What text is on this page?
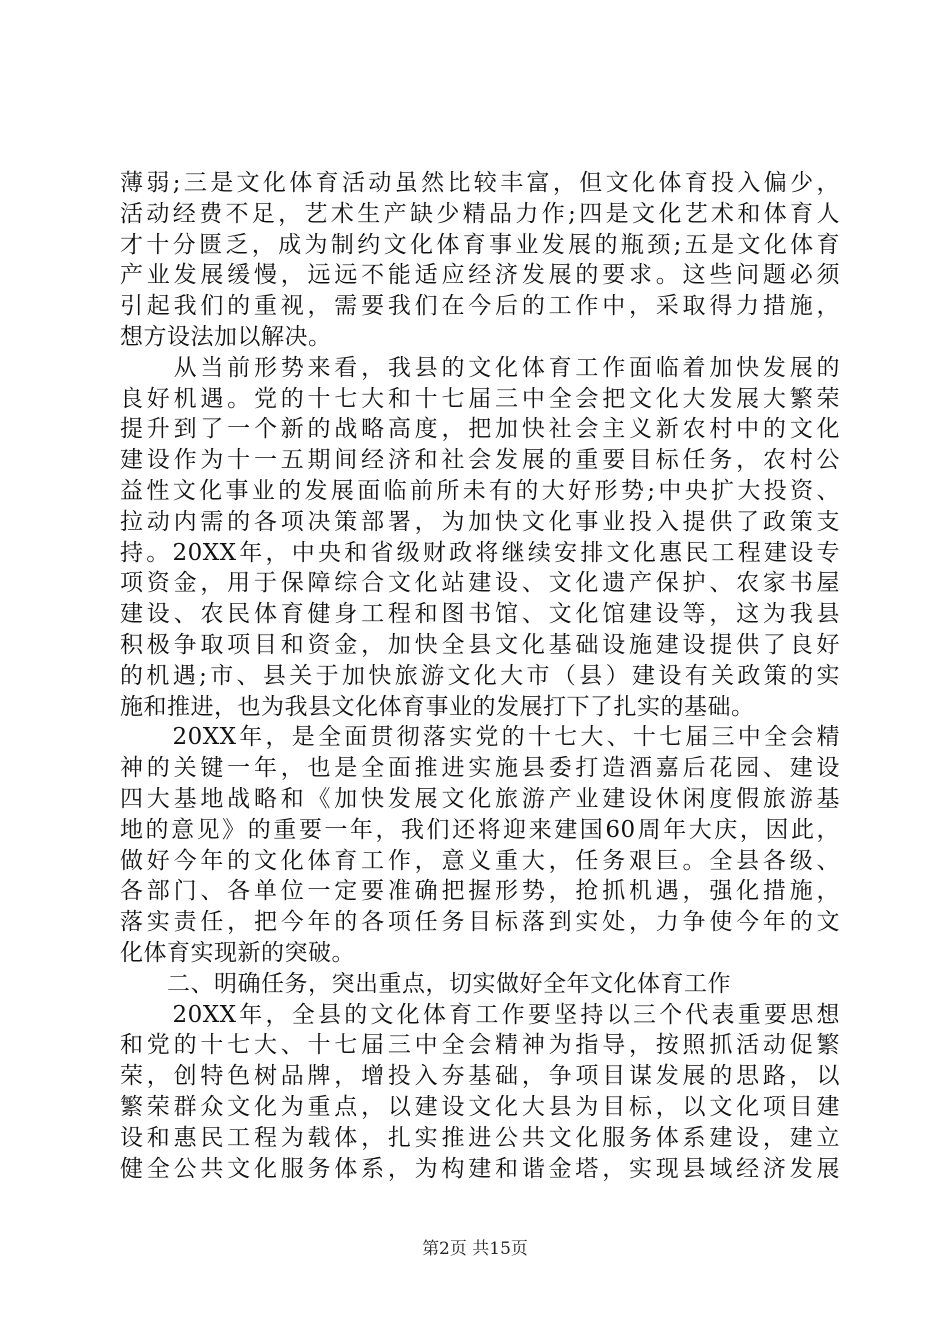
薄弱;三是文化体育活动虽然比较丰富，但文化体育投入偏少，
活动经费不足，艺术生产缺少精品力作;四是文化艺术和体育人
才十分匮乏，成为制约文化体育事业发展的瓶颈;五是文化体育
产业发展缓慢，远远不能适应经济发展的要求。这些问题必须
引起我们的重视，需要我们在今后的工作中，采取得力措施，
想方设法加以解决。
　　从当前形势来看，我县的文化体育工作面临着加快发展的
良好机遇。党的十七大和十七届三中全会把文化大发展大繁荣
提升到了一个新的战略高度，把加快社会主义新农村中的文化
建设作为十一五期间经济和社会发展的重要目标任务，农村公
益性文化事业的发展面临前所未有的大好形势;中央扩大投资、
拉动内需的各项决策部署，为加快文化事业投入提供了政策支
持。20XX年，中央和省级财政将继续安排文化惠民工程建设专
项资金，用于保障综合文化站建设、文化遗产保护、农家书屋
建设、农民体育健身工程和图书馆、文化馆建设等，这为我县
积极争取项目和资金，加快全县文化基础设施建设提供了良好
的机遇;市、县关于加快旅游文化大市（县）建设有关政策的实
施和推进，也为我县文化体育事业的发展打下了扎实的基础。
　　20XX年，是全面贯彻落实党的十七大、十七届三中全会精
神的关键一年，也是全面推进实施县委打造酒嘉后花园、建设
四大基地战略和《加快发展文化旅游产业建设休闲度假旅游基
地的意见》的重要一年，我们还将迎来建国60周年大庆，因此，
做好今年的文化体育工作，意义重大，任务艰巨。全县各级、
各部门、各单位一定要准确把握形势，抢抓机遇，强化措施，
落实责任，把今年的各项任务目标落到实处，力争使今年的文
化体育实现新的突破。
　　二、明确任务，突出重点，切实做好全年文化体育工作
　　20XX年，全县的文化体育工作要坚持以三个代表重要思想
和党的十七大、十七届三中全会精神为指导，按照抓活动促繁
荣，创特色树品牌，增投入夯基础，争项目谋发展的思路，以
繁荣群众文化为重点，以建设文化大县为目标，以文化项目建
设和惠民工程为载体，扎实推进公共文化服务体系建设，建立
健全公共文化服务体系，为构建和谐金塔，实现县域经济发展
第2页 共15页
